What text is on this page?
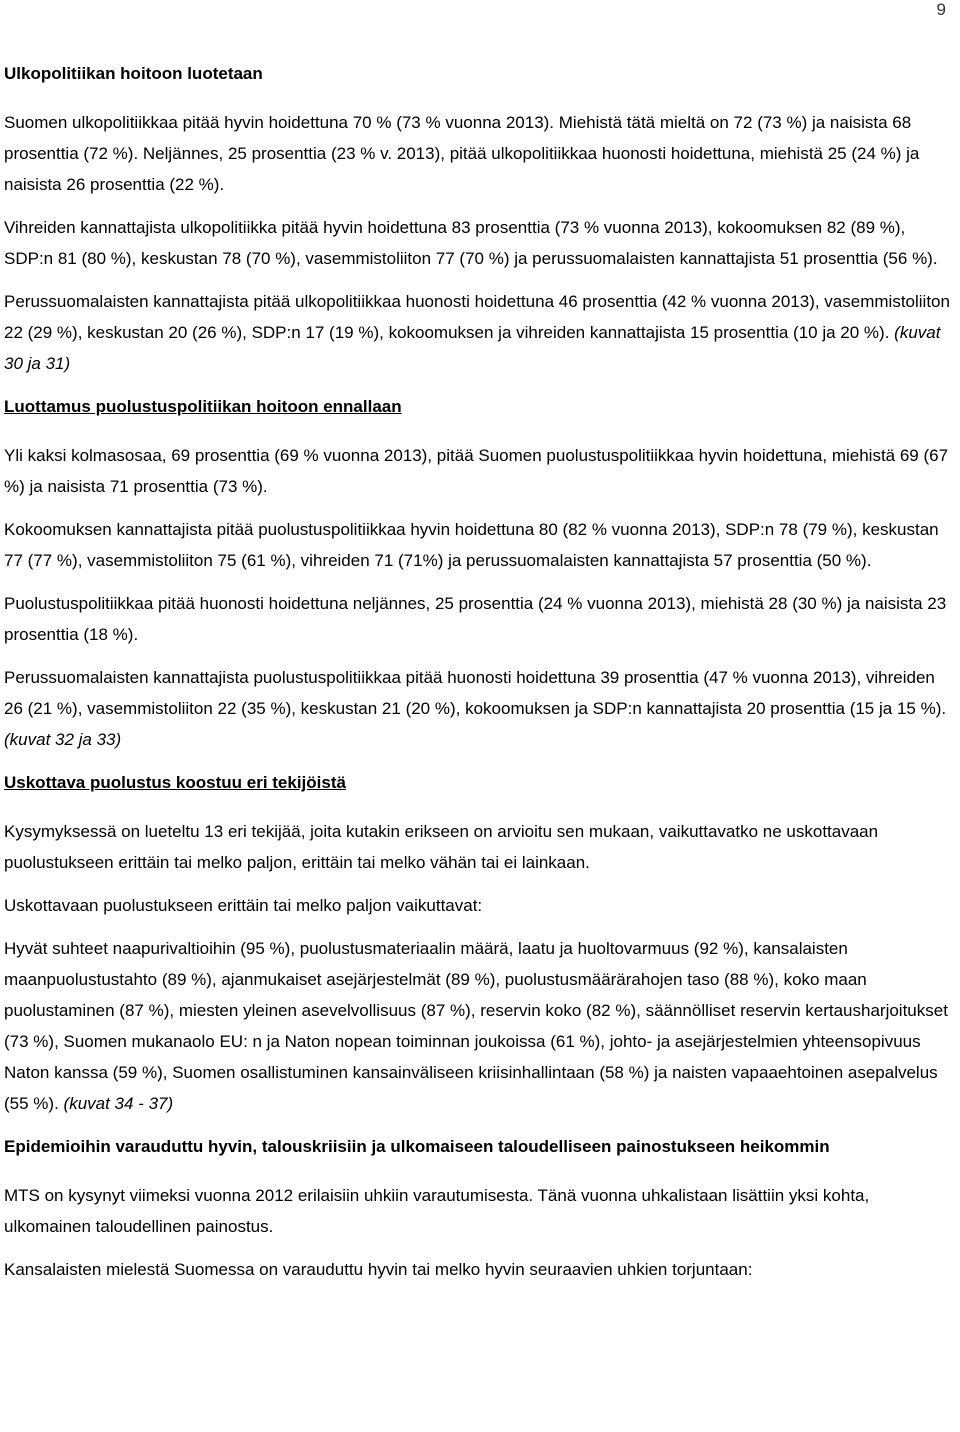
9
Ulkopolitiikan hoitoon luotetaan

Suomen ulkopolitiikkaa pitää hyvin hoidettuna 70 % (73 % vuonna 2013). Miehistä tätä mieltä on 72 (73 %) ja naisista 68 prosenttia (72 %). Neljännes, 25 prosenttia (23 % v. 2013), pitää ulkopolitiikkaa huonosti hoidettuna, miehistä 25 (24 %) ja naisista 26 prosenttia (22 %).

Vihreiden kannattajista ulkopolitiikka pitää hyvin hoidettuna 83 prosenttia (73 % vuonna 2013), kokoomuksen 82 (89 %), SDP:n 81 (80 %), keskustan 78 (70 %), vasemmistoliiton 77 (70 %) ja perussuomalaisten kannattajista 51 prosenttia (56 %).

Perussuomalaisten kannattajista pitää ulkopolitiikkaa huonosti hoidettuna 46 prosenttia (42 % vuonna 2013), vasemmistoliiton 22 (29 %), keskustan 20 (26 %), SDP:n 17 (19 %), kokoomuksen ja vihreiden kannattajista 15 prosenttia (10 ja 20 %). (kuvat 30 ja 31)

Luottamus puolustuspolitiikan hoitoon ennallaan

Yli kaksi kolmasosaa, 69 prosenttia (69 % vuonna 2013), pitää Suomen puolustuspolitiikkaa hyvin hoidettuna, miehistä 69 (67 %) ja naisista 71 prosenttia (73 %).

Kokoomuksen kannattajista pitää puolustuspolitiikkaa hyvin hoidettuna 80 (82 % vuonna 2013), SDP:n 78 (79 %), keskustan 77 (77 %), vasemmistoliiton 75 (61 %), vihreiden 71 (71%) ja perussuomalaisten kannattajista 57 prosenttia (50 %).

Puolustuspolitiikkaa pitää huonosti hoidettuna neljännes, 25 prosenttia (24 % vuonna 2013), miehistä 28 (30 %) ja naisista 23 prosenttia (18 %).

Perussuomalaisten kannattajista puolustuspolitiikkaa pitää huonosti hoidettuna 39 prosenttia (47 % vuonna 2013), vihreiden 26 (21 %), vasemmistoliiton 22 (35 %), keskustan 21 (20 %), kokoomuksen ja SDP:n kannattajista 20 prosenttia (15 ja 15 %). (kuvat 32 ja 33)

Uskottava puolustus koostuu eri tekijöistä

Kysymyksessä on lueteltu 13 eri tekijää, joita kutakin erikseen on arvioitu sen mukaan, vaikuttavatko ne uskottavaan puolustukseen erittäin tai melko paljon, erittäin tai melko vähän tai ei lainkaan.

Uskottavaan puolustukseen erittäin tai melko paljon vaikuttavat:

Hyvät suhteet naapurivaltioihin (95 %), puolustusmateriaalin määrä, laatu ja huoltovarmuus (92 %), kansalaisten maanpuolustustahto (89 %), ajanmukaiset asejärjestelmät (89 %), puolustusmäärärahojen taso (88 %), koko maan puolustaminen (87 %), miesten yleinen asevelvollisuus (87 %), reservin koko (82 %), säännölliset reservin kertausharjoitukset (73 %), Suomen mukanaolo EU: n ja Naton nopean toiminnan joukoissa (61 %), johto- ja asejärjestelmien yhteensopivuus Naton kanssa (59 %), Suomen osallistuminen kansainväliseen kriisinhallintaan (58 %) ja naisten vapaaehtoinen asepalvelus (55 %). (kuvat 34 - 37)

Epidemioihin varauduttu hyvin, talouskriisiin ja ulkomaiseen taloudelliseen painostukseen heikommin

MTS on kysynyt viimeksi vuonna 2012 erilaisiin uhkiin varautumisesta. Tänä vuonna uhkalistaan lisättiin yksi kohta, ulkomainen taloudellinen painostus.

Kansalaisten mielestä Suomessa on varauduttu hyvin tai melko hyvin seuraavien uhkien torjuntaan:
